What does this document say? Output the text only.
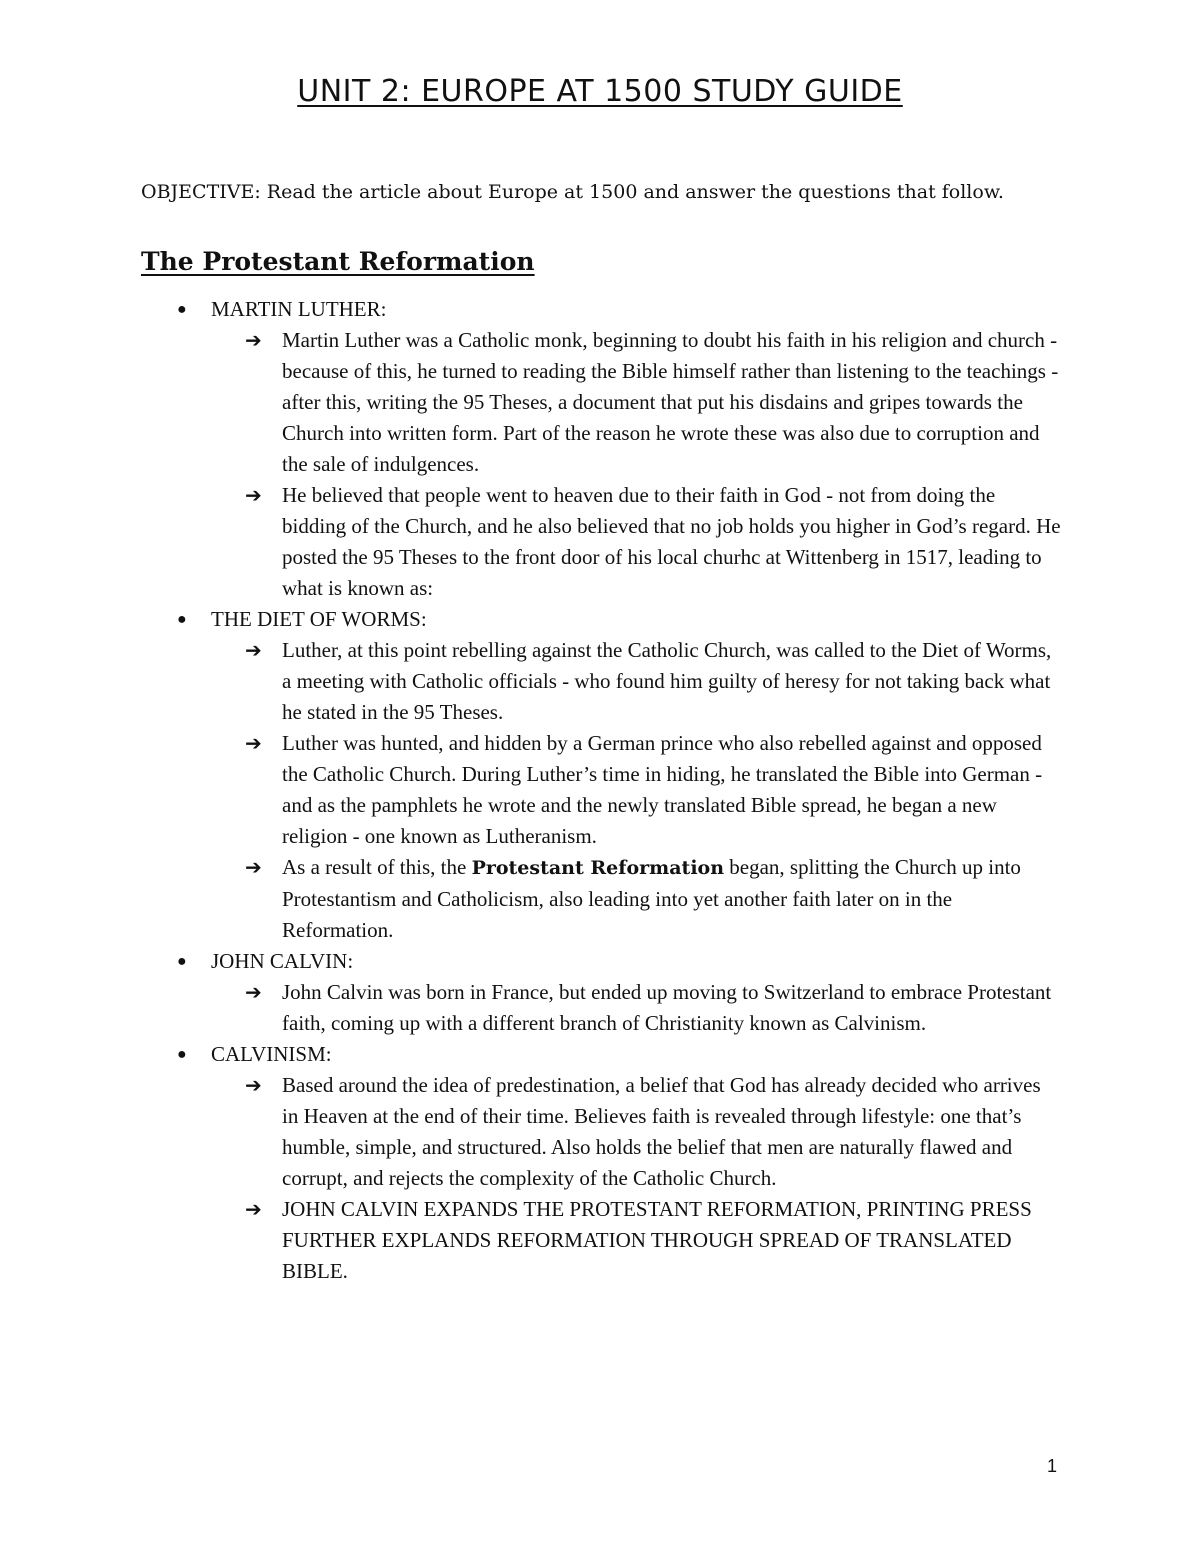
UNIT 2: EUROPE AT 1500 STUDY GUIDE
OBJECTIVE: Read the article about Europe at 1500 and answer the questions that follow.
The Protestant Reformation
● MARTIN LUTHER:
➔ Martin Luther was a Catholic monk, beginning to doubt his faith in his religion and church - because of this, he turned to reading the Bible himself rather than listening to the teachings - after this, writing the 95 Theses, a document that put his disdains and gripes towards the Church into written form. Part of the reason he wrote these was also due to corruption and the sale of indulgences.
➔ He believed that people went to heaven due to their faith in God - not from doing the bidding of the Church, and he also believed that no job holds you higher in God’s regard. He posted the 95 Theses to the front door of his local churhc at Wittenberg in 1517, leading to what is known as:
● THE DIET OF WORMS:
➔ Luther, at this point rebelling against the Catholic Church, was called to the Diet of Worms, a meeting with Catholic officials - who found him guilty of heresy for not taking back what he stated in the 95 Theses.
➔ Luther was hunted, and hidden by a German prince who also rebelled against and opposed the Catholic Church. During Luther’s time in hiding, he translated the Bible into German - and as the pamphlets he wrote and the newly translated Bible spread, he began a new religion - one known as Lutheranism.
➔ As a result of this, the Protestant Reformation began, splitting the Church up into Protestantism and Catholicism, also leading into yet another faith later on in the Reformation.
● JOHN CALVIN:
➔ John Calvin was born in France, but ended up moving to Switzerland to embrace Protestant faith, coming up with a different branch of Christianity known as Calvinism.
● CALVINISM:
➔ Based around the idea of predestination, a belief that God has already decided who arrives in Heaven at the end of their time. Believes faith is revealed through lifestyle: one that’s humble, simple, and structured. Also holds the belief that men are naturally flawed and corrupt, and rejects the complexity of the Catholic Church.
➔ JOHN CALVIN EXPANDS THE PROTESTANT REFORMATION, PRINTING PRESS FURTHER EXPLANDS REFORMATION THROUGH SPREAD OF TRANSLATED BIBLE.
1
